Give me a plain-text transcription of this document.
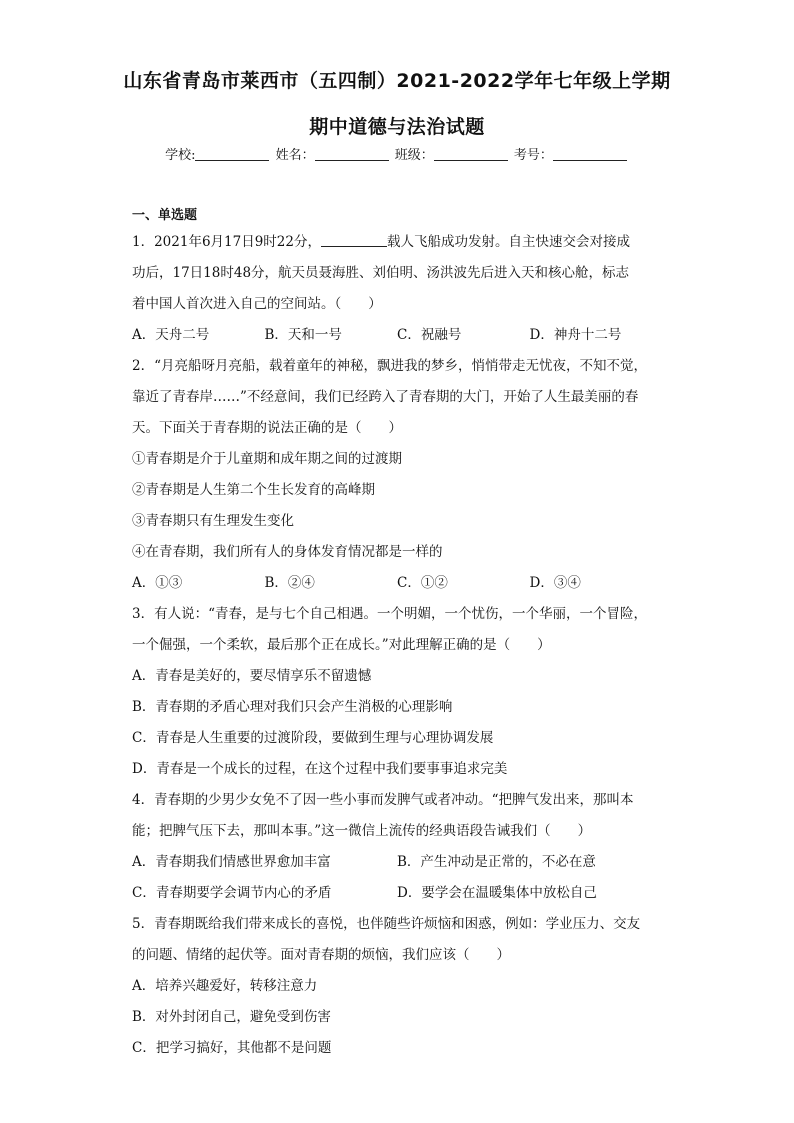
山东省青岛市莱西市（五四制）2021-2022学年七年级上学期
期中道德与法治试题
学校:	姓名：	班级：	考号：
一、单选题
1．2021年6月17日9时22分，	载人飞船成功发射。自主快速交会对接成
功后，17日18时48分，航天员聂海胜、刘伯明、汤洪波先后进入天和核心舱，标志
着中国人首次进入自己的空间站。（　　）
A．天舟二号	B．天和一号	C．祝融号	D．神舟十二号
2．“月亮船呀月亮船，载着童年的神秘，飘进我的梦乡，悄悄带走无忧夜，不知不觉，
靠近了青春岸……”不经意间，我们已经跨入了青春期的大门，开始了人生最美丽的春
天。下面关于青春期的说法正确的是（　　）
①青春期是介于儿童期和成年期之间的过渡期
②青春期是人生第二个生长发育的高峰期
③青春期只有生理发生变化
④在青春期，我们所有人的身体发育情况都是一样的
A．①③	B．②④	C．①②	D．③④
3．有人说：“青春，是与七个自己相遇。一个明媚，一个忧伤，一个华丽，一个冒险，
一个倔强，一个柔软，最后那个正在成长。”对此理解正确的是（　　）
A．青春是美好的，要尽情享乐不留遗憾
B．青春期的矛盾心理对我们只会产生消极的心理影响
C．青春是人生重要的过渡阶段，要做到生理与心理协调发展
D．青春是一个成长的过程，在这个过程中我们要事事追求完美
4．青春期的少男少女免不了因一些小事而发脾气或者冲动。“把脾气发出来，那叫本
能；把脾气压下去，那叫本事。”这一微信上流传的经典语段告诫我们（　　）
A．青春期我们情感世界愈加丰富	B．产生冲动是正常的，不必在意
C．青春期要学会调节内心的矛盾	D．要学会在温暖集体中放松自己
5．青春期既给我们带来成长的喜悦，也伴随些许烦恼和困惑，例如：学业压力、交友
的问题、情绪的起伏等。面对青春期的烦恼，我们应该（　　）
A．培养兴趣爱好，转移注意力
B．对外封闭自己，避免受到伤害
C．把学习搞好，其他都不是问题
